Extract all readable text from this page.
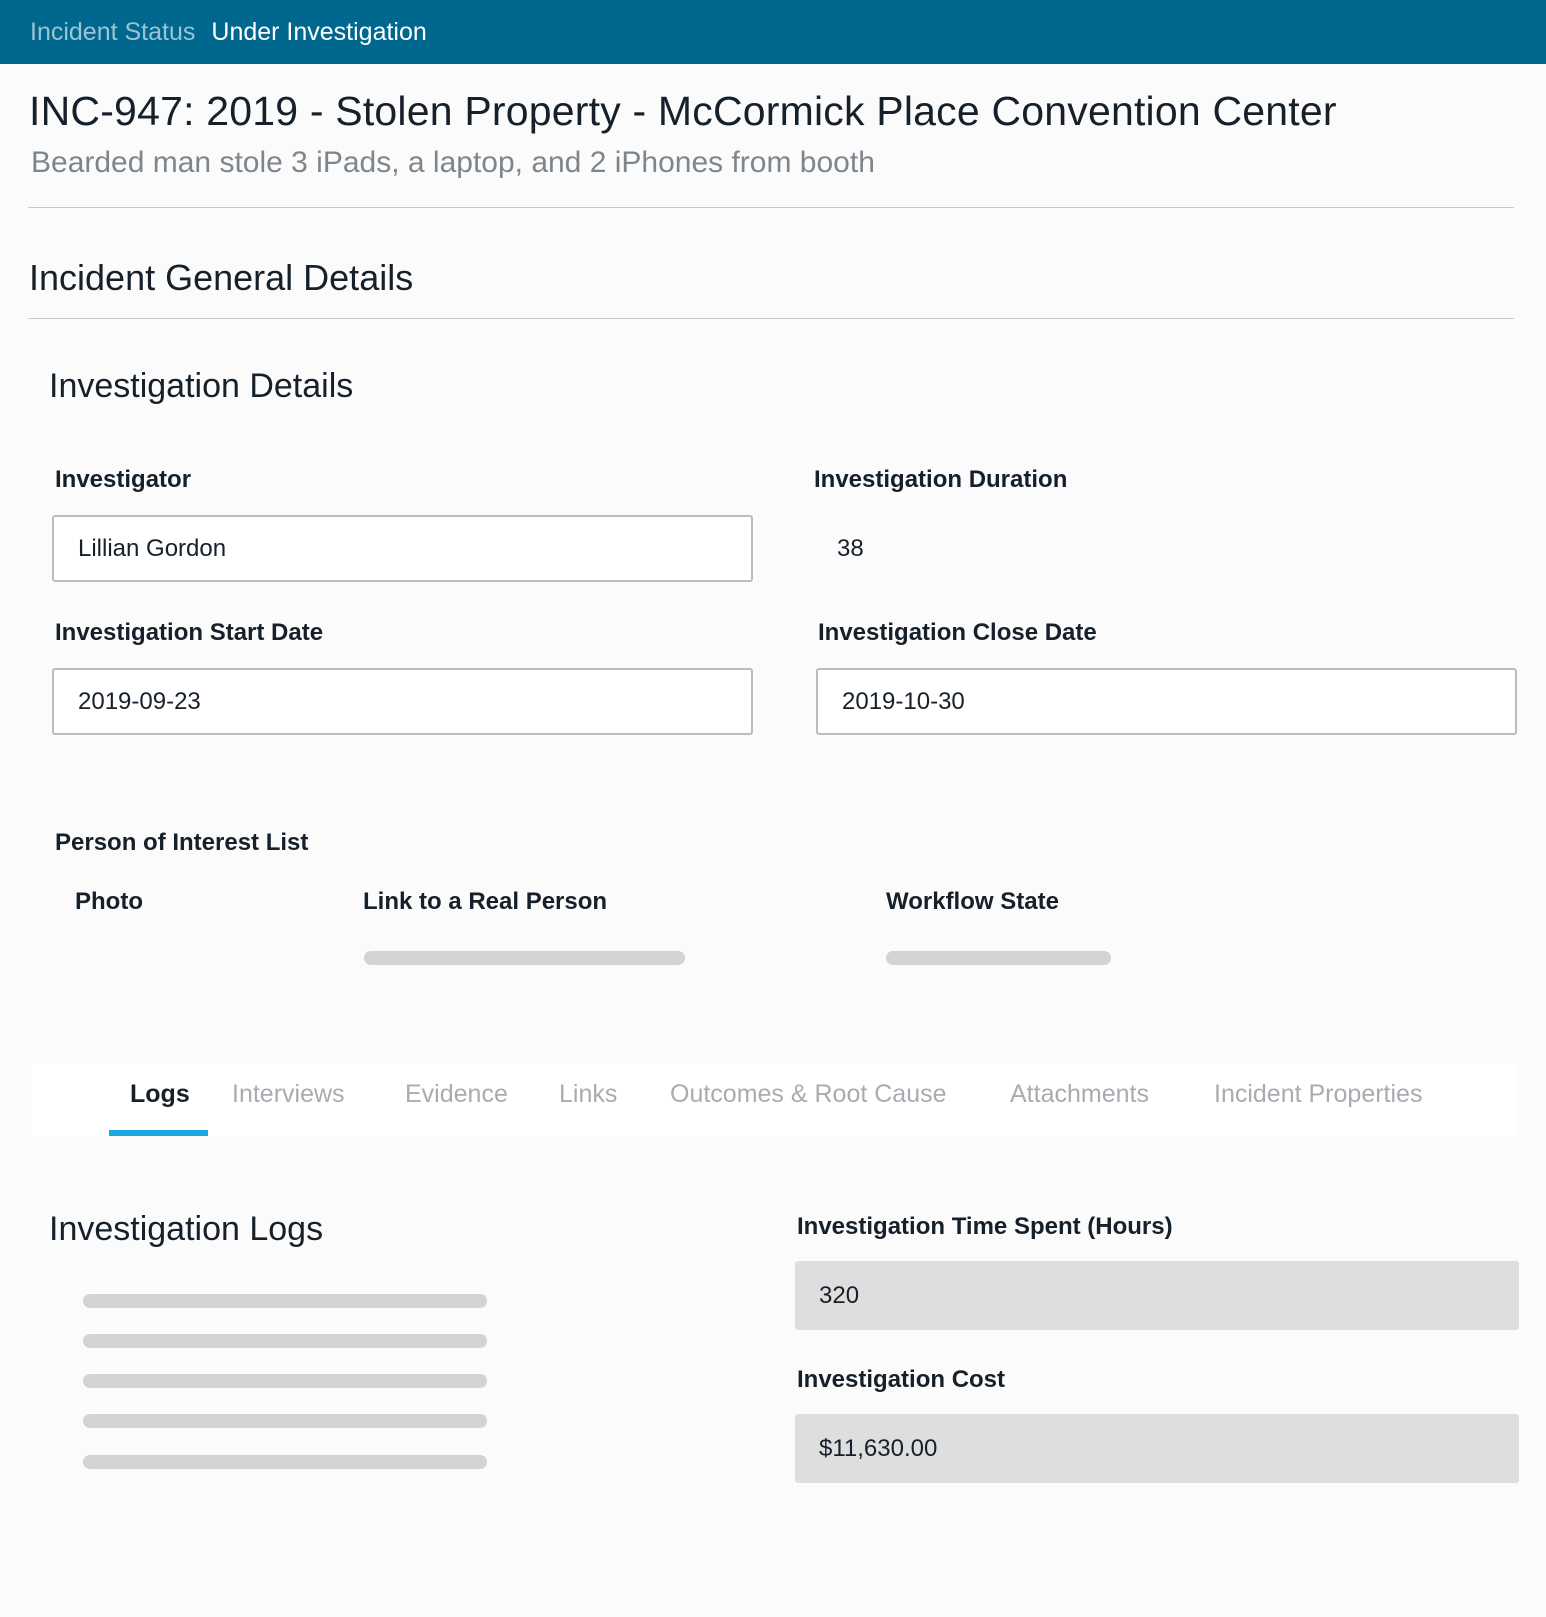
Incident Status Under Investigation
INC-947: 2019 - Stolen Property - McCormick Place Convention Center
Bearded man stole 3 iPads, a laptop, and 2 iPhones from booth
Incident General Details
Investigation Details
Investigator
Lillian Gordon
Investigation Duration
38
Investigation Start Date
2019-09-23
Investigation Close Date
2019-10-30
Person of Interest List
Photo	Link to a Real Person	Workflow State
Logs Interviews Evidence Links Outcomes & Root Cause	Attachments	Incident Properties
Investigation Logs	Investigation Time Spent (Hours)
320
Investigation Cost
$11,630.00
